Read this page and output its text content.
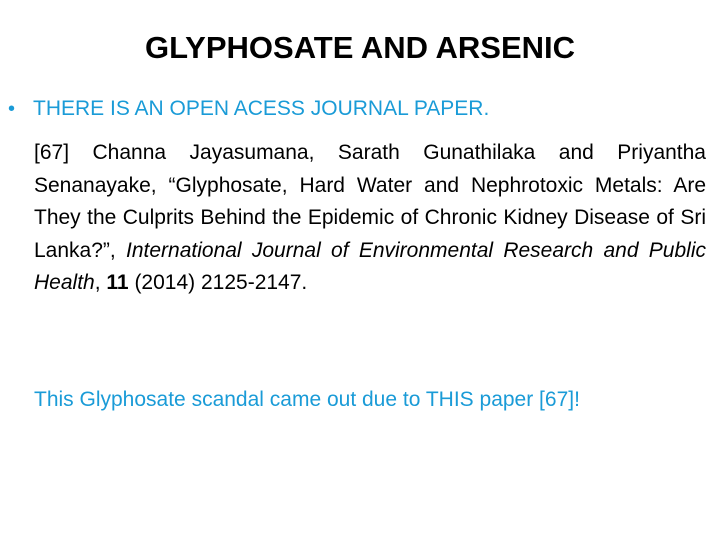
GLYPHOSATE AND ARSENIC
• THERE IS AN OPEN ACESS JOURNAL PAPER.
[67] Channa Jayasumana, Sarath Gunathilaka and Priyantha Senanayake, “Glyphosate, Hard Water and Nephrotoxic Metals: Are They the Culprits Behind the Epidemic of Chronic Kidney Disease of Sri Lanka?”, International Journal of Environmental Research and Public Health, 11 (2014) 2125-2147.
This Glyphosate scandal came out due to THIS paper [67]!
